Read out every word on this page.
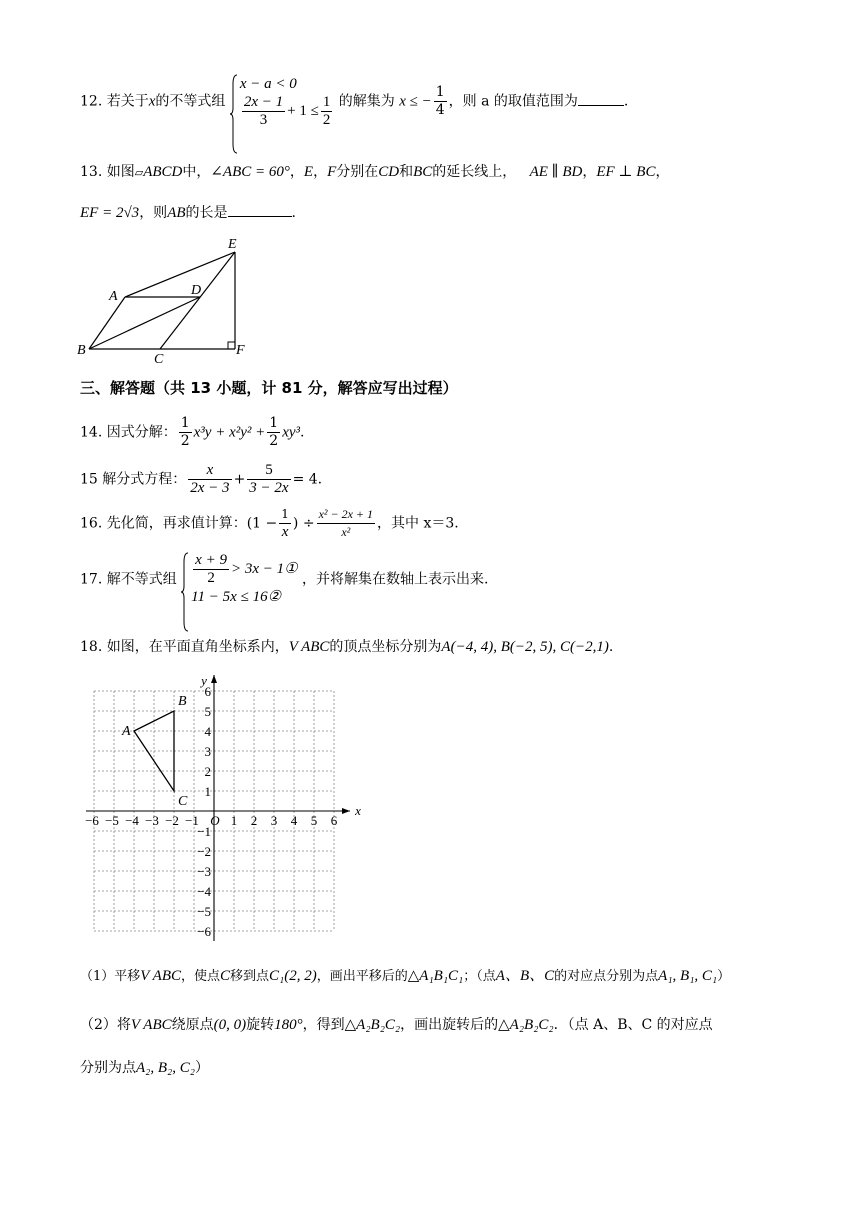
12. 若关于x的不等式组
x − a < 0
$\frac{2x - 1}{3} + 1 \le \frac{1}{2}$ 的解集为 x ≤ − $\frac{1}{4}$ ，则 a 的取值范围为	.
13. 如图▱ABCD中，∠ABC = 60°，E，F分别在CD和BC的延长线上， AE ∥ BD，EF ⊥ BC，
EF = 2√3，则AB的长是	.
E
A	D
B
C
F
三、解答题（共 13 小题，计 81 分，解答应写出过程）
14. 因式分解： $\frac{1}{2} x^3y + x^2y^2 + \frac{1}{2} xy^3$.
15 解分式方程： $\frac{x}{2x - 3} + \frac{5}{3 - 2x} = 4$.
16. 先化简，再求值计算：($1 - \frac{1}{x}$ ) ÷ $\frac{\text{x² − 2x + 1}}{\text{x²}}$ ，其中 x＝3.
17. 解不等式组 $\frac{x + 9}{2} > 3x$ − 1①
11 − 5x ≤ 16②
，并将解集在数轴上表示出来.
18. 如图，在平面直角坐标系内，V ABC的顶点坐标分别为A(−4, 4), B(−2, 5), C(−2,1).
−6 −5 −4 −3 −2 −1 1 2 3 4 5 6
6
5
4
3
2
1
−1
−2
−3
−4
−5
−6
O
x
y
A
B
C
（1）平移V ABC，使点C移到点C₁(2, 2)，画出平移后的△A₁B₁C₁；（点A、B、C的对应点分别为点A₁, B₁, C₁）
（2）将V ABC绕原点(0, 0)旋转180°，得到△A₂B₂C₂，画出旋转后的△A₂B₂C₂．（点 A、B、C 的对应点
分别为点A₂, B₂, C₂）
